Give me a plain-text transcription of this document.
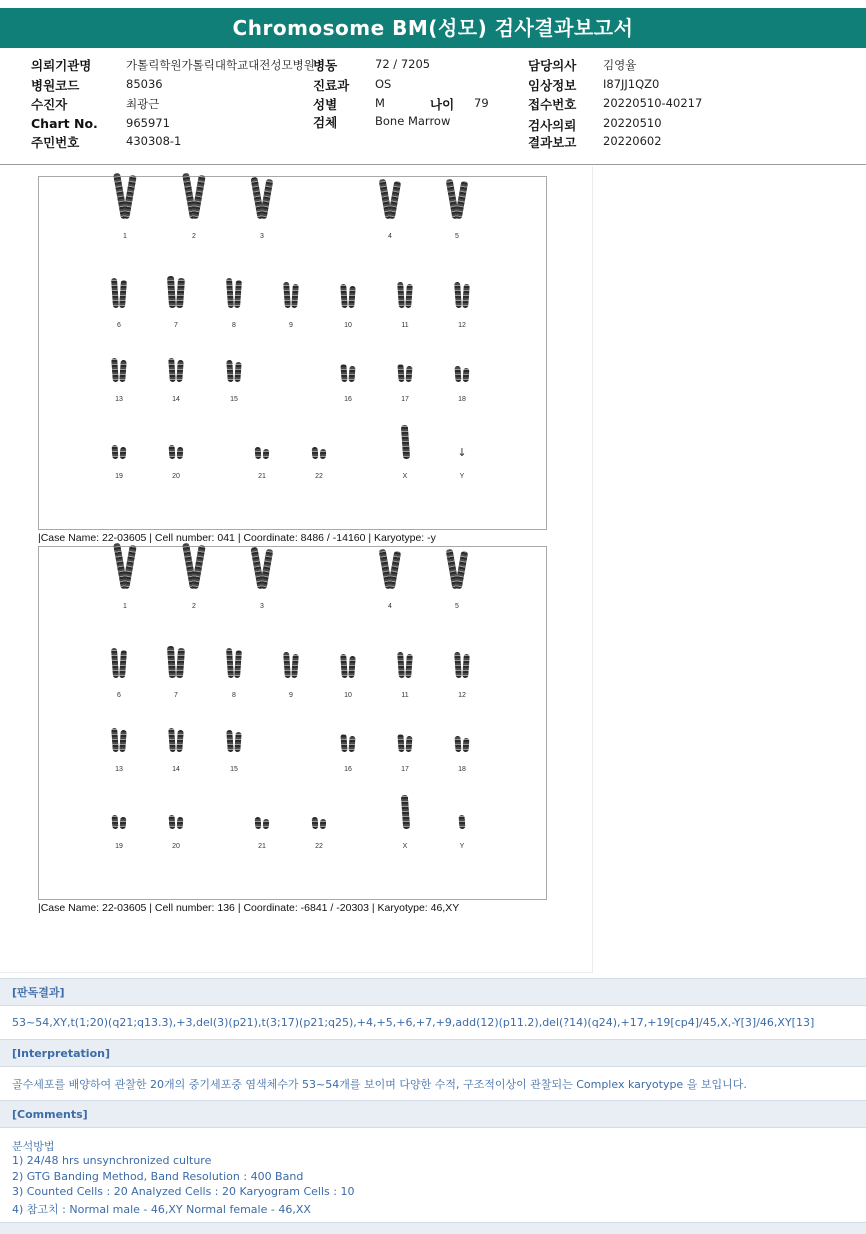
Chromosome BM(성모) 검사결과보고서
의뢰기관명	가톨릭학원가톨릭대학교대전성모병원
병원코드	85036
수진자	최광근
Chart No. 965971
주민번호	430308-1
병동	72 / 7205
진료과 OS
성별	M	나이 79
검체	Bone Marrow
담당의사 김영율
임상정보 I87JJ1QZ0
접수번호 20220510-40217
검사의뢰 20220510
결과보고 20220602
1	2	3	4	5
6	7	8	9	10	11	12
13	14	15	16	17	18
19	20	21	22	X
↓
Y
|Case Name: 22-03605 | Cell number: 041 | Coordinate: 8486 / -14160 | Karyotype: -y
1	2	3	4	5
6	7	8	9	10	11	12
13	14	15	16	17	18
19	20	21	22	X	Y
|Case Name: 22-03605 | Cell number: 136 | Coordinate: -6841 / -20303 | Karyotype: 46,XY
[판독결과]
53~54,XY,t(1;20)(q21;q13.3),+3,del(3)(p21),t(3;17)(p21;q25),+4,+5,+6,+7,+9,add(12)(p11.2),del(?14)(q24),+17,+19[cp4]/45,X,-Y[3]/46,XY[13]
[Interpretation]
골수세포를 배양하여 관찰한 20개의 중기세포중 염색체수가 53~54개를 보이며 다양한 수적, 구조적이상이 관찰되는 Complex karyotype 을 보입니다.
[Comments]
분석방법
1) 24/48 hrs unsynchronized culture
2) GTG Banding Method, Band Resolution : 400 Band
3) Counted Cells : 20 Analyzed Cells : 20 Karyogram Cells : 10
4) 참고치 : Normal male - 46,XY Normal female - 46,XX
